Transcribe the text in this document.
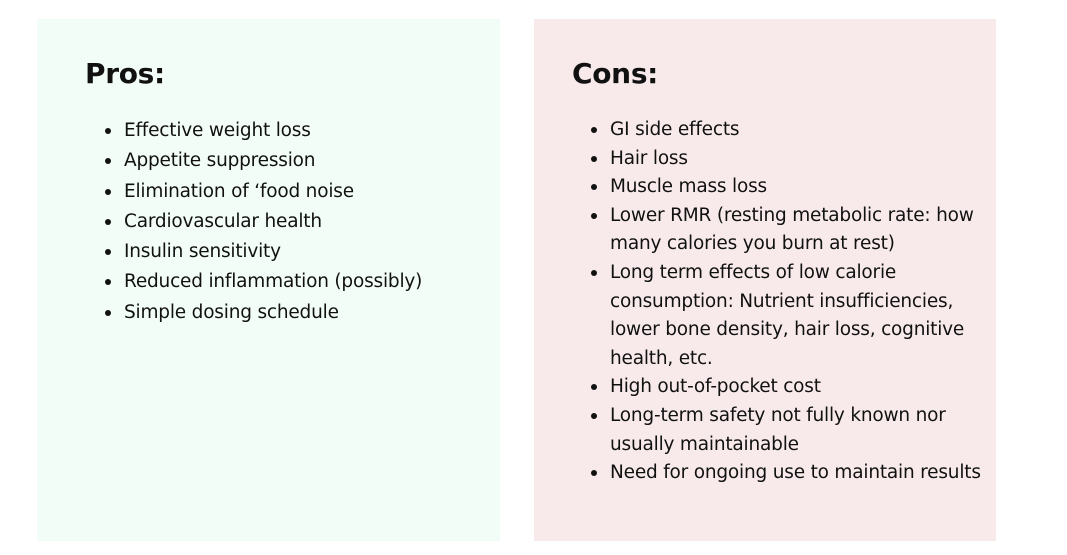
Pros:
Effective weight loss
Appetite suppression
Elimination of ‘food noise
Cardiovascular health
Insulin sensitivity
Reduced inflammation (possibly)
Simple dosing schedule
Cons:
GI side effects
Hair loss
Muscle mass loss
Lower RMR (resting metabolic rate: how many calories you burn at rest)
Long term effects of low calorie consumption: Nutrient insufficiencies, lower bone density, hair loss, cognitive health, etc.
High out-of-pocket cost
Long-term safety not fully known nor usually maintainable
Need for ongoing use to maintain results
